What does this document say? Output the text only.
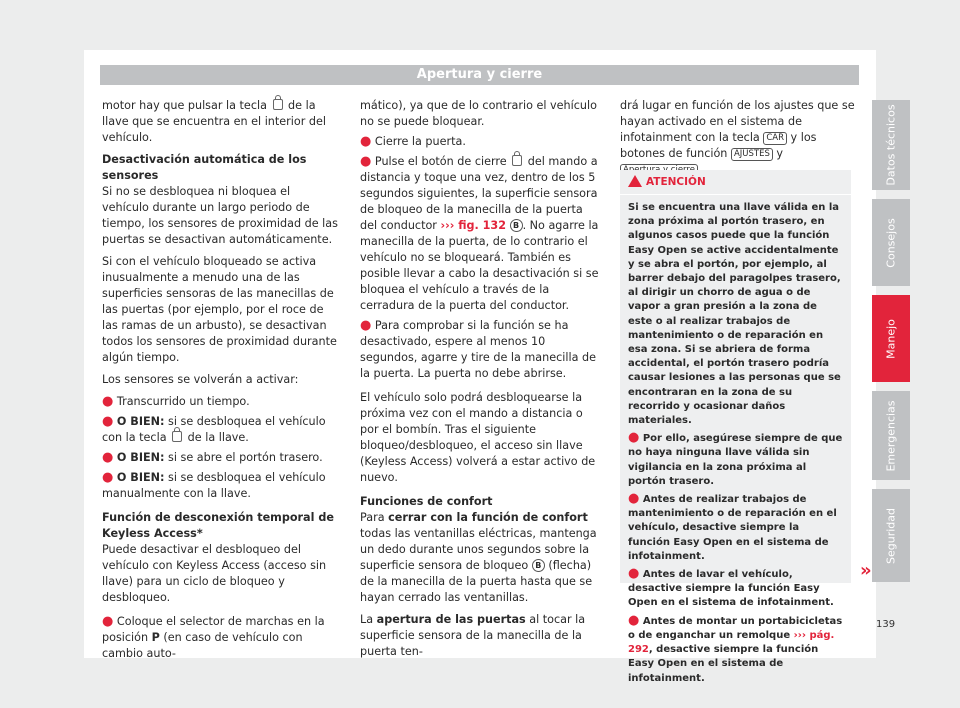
Apertura y cierre

motor hay que pulsar la tecla  de la llave que se encuentra en el interior del vehículo.

Desactivación automática de los sensores

Si no se desbloquea ni bloquea el vehículo durante un largo periodo de tiempo, los sensores de proximidad de las puertas se desactivan automáticamente.

Si con el vehículo bloqueado se activa inusualmente a menudo una de las superficies sensoras de las manecillas de las puertas (por ejemplo, por el roce de las ramas de un arbusto), se desactivan todos los sensores de proximidad durante algún tiempo.

Los sensores se volverán a activar:

● Transcurrido un tiempo.

● O BIEN: si se desbloquea el vehículo con la tecla  de la llave.

● O BIEN: si se abre el portón trasero.

● O BIEN: si se desbloquea el vehículo manualmente con la llave.

Función de desconexión temporal de Keyless Access*

Puede desactivar el desbloqueo del vehículo con Keyless Access (acceso sin llave) para un ciclo de bloqueo y desbloqueo.

● Coloque el selector de marchas en la posición P (en caso de vehículo con cambio auto-

mático), ya que de lo contrario el vehículo no se puede bloquear.

● Cierre la puerta.

● Pulse el botón de cierre  del mando a distancia y toque una vez, dentro de los 5 segundos siguientes, la superficie sensora de bloqueo de la manecilla de la puerta del conductor ››› fig. 132 B . No agarre la manecilla de la puerta, de lo contrario el vehículo no se bloqueará. También es posible llevar a cabo la desactivación si se bloquea el vehículo a través de la cerradura de la puerta del conductor.

● Para comprobar si la función se ha desactivado, espere al menos 10 segundos, agarre y tire de la manecilla de la puerta. La puerta no debe abrirse.

El vehículo solo podrá desbloquearse la próxima vez con el mando a distancia o por el bombín. Tras el siguiente bloqueo/desbloqueo, el acceso sin llave (Keyless Access) volverá a estar activo de nuevo.

Funciones de confort

Para cerrar con la función de confort todas las ventanillas eléctricas, mantenga un dedo durante unos segundos sobre la superficie sensora de bloqueo B (flecha) de la manecilla de la puerta hasta que se hayan cerrado las ventanillas.

La apertura de las puertas al tocar la superficie sensora de la manecilla de la puerta ten-

drá lugar en función de los ajustes que se hayan activado en el sistema de infotainment con la tecla CAR y los botones de función AJUSTES y

ATENCIÓN

Si se encuentra una llave válida en la zona próxima al portón trasero, en algunos casos puede que la función Easy Open se active accidentalmente y se abra el portón, por ejemplo, al barrer debajo del paragolpes trasero, al dirigir un chorro de agua o de vapor a gran presión a la zona de este o al realizar trabajos de mantenimiento o de reparación en esa zona. Si se abriera de forma accidental, el portón trasero podría causar lesiones a las personas que se encontraran en la zona de su recorrido y ocasionar daños materiales.

● Por ello, asegúrese siempre de que no haya ninguna llave válida sin vigilancia en la zona próxima al portón trasero.

● Antes de realizar trabajos de mantenimiento o de reparación en el vehículo, desactive siempre la función Easy Open en el sistema de infotainment.

● Antes de lavar el vehículo, desactive siempre la función Easy Open en el sistema de infotainment.

● Antes de montar un portabicicletas o de enganchar un remolque ››› pág. 292, desactive siempre la función Easy Open en el sistema de infotainment.

»
Datos técnicos
Consejos
Manejo
Emergencias
Seguridad
139
